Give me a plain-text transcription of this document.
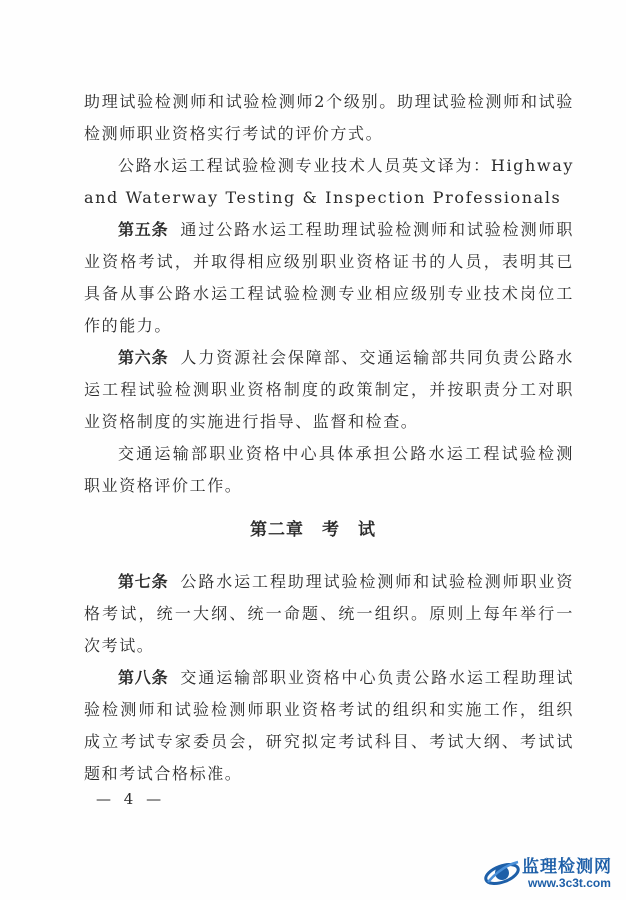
助理试验检测师和试验检测师2个级别。助理试验检测师和试验检测师职业资格实行考试的评价方式。

公路水运工程试验检测专业技术人员英文译为：Highway and Waterway Testing & Inspection Professionals

第五条 通过公路水运工程助理试验检测师和试验检测师职业资格考试，并取得相应级别职业资格证书的人员，表明其已具备从事公路水运工程试验检测专业相应级别专业技术岗位工作的能力。

第六条 人力资源社会保障部、交通运输部共同负责公路水运工程试验检测职业资格制度的政策制定，并按职责分工对职业资格制度的实施进行指导、监督和检查。

交通运输部职业资格中心具体承担公路水运工程试验检测职业资格评价工作。

第二章　考　试

第七条 公路水运工程助理试验检测师和试验检测师职业资格考试，统一大纲、统一命题、统一组织。原则上每年举行一次考试。

第八条 交通运输部职业资格中心负责公路水运工程助理试验检测师和试验检测师职业资格考试的组织和实施工作，组织成立考试专家委员会，研究拟定考试科目、考试大纲、考试试题和考试合格标准。

— 4 —
监理检测网
www.3c3t.com
